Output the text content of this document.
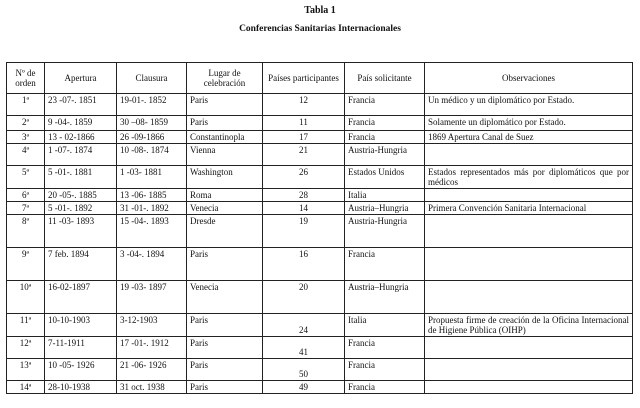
Tabla 1
Conferencias Sanitarias Internacionales
Nº de orden	Apertura	Clausura	Lugar de celebración	Países participantes	País solicitante	Observaciones
1ª	23 -07-. 1851	19-01-. 1852	Paris	12	Francia	Un médico y un diplomático por Estado.
2ª	9 -04-. 1859	30 –08- 1859	Paris	11	Francia	Solamente un diplomático por Estado.
3ª	13 - 02-1866	26 -09-1866	Constantinopla	17	Francia	1869 Apertura Canal de Suez
4ª	1 -07-. 1874	10 -08-. 1874	Vienna	21	Austria-Hungria	
5ª	5 -01-. 1881	1 -03- 1881	Washington	26	Estados Unidos	Estados representados más por diplomáticos que por médicos
6ª	20 -05-. 1885	13 -06- 1885	Roma	28	Italia	
7ª	5 -01-. 1892	31 -01-. 1892	Venecia	14	Austria–Hungria	Primera Convención Sanitaria Internacional
8ª	11 -03- 1893	15 -04-. 1893	Dresde	19	Austria-Hungria	
9ª	7 feb. 1894	3 -04-. 1894	Paris	16	Francia	
10ª	16-02-1897	19 -03- 1897	Venecia	20	Austria–Hungria	
11ª	10-10-1903	3-12-1903	Paris	24	Italia	Propuesta firme de creación de la Oficina Internacional de Higiene Pública (OIHP)
12ª	7-11-1911	17 -01-. 1912	Paris	41	Francia	
13ª	10 -05- 1926	21 -06- 1926	Paris	50	Francia	
14ª	28-10-1938	31 oct. 1938	Paris	49	Francia	
